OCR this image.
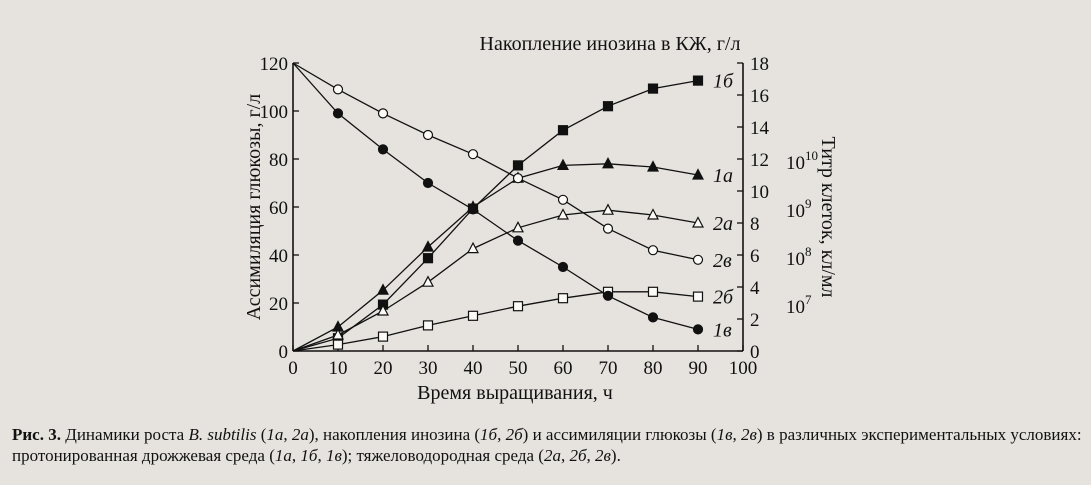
0 10 20 30 40 50 60 70 80 90 100
0
20
40
60
80
100
120
0
2
4
6
8
10
12
14
16
18
$10^7$
$10^8$
$10^9$
$10^{10}$
Накопление инозина в КЖ, г/л
Время выращивания, ч
Ассимиляция глюкозы, г/л	Титр клеток, кл/мл
1б
1а
2а
2в
2б
1в
Рис. 3. Динамики роста B. subtilis (1а, 2а), накопления инозина (1б, 2б) и ассимиляции глюкозы (1в, 2в) в различных экспериментальных условиях: протонированная дрожжевая среда (1а, 1б, 1в); тяжеловодородная среда (2а, 2б, 2в).
